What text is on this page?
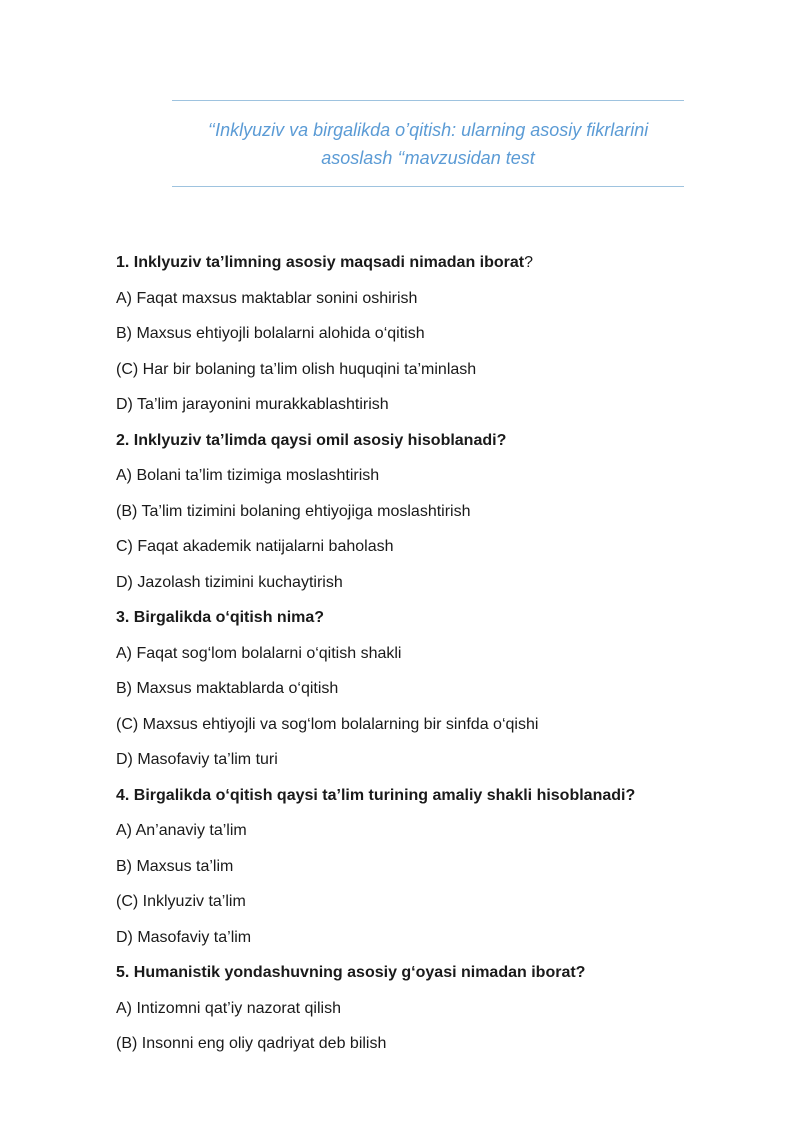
‘‘Inklyuziv va birgalikda o’qitish: ularning asosiy fikrlarini

asoslash ‘‘mavzusidan test

1. Inklyuziv ta’limning asosiy maqsadi nimadan iborat?
A) Faqat maxsus maktablar sonini oshirish
B) Maxsus ehtiyojli bolalarni alohida o‘qitish
(C) Har bir bolaning ta’lim olish huquqini ta’minlash
D) Ta’lim jarayonini murakkablashtirish
2. Inklyuziv ta’limda qaysi omil asosiy hisoblanadi?
A) Bolani ta’lim tizimiga moslashtirish
(B) Ta’lim tizimini bolaning ehtiyojiga moslashtirish
C) Faqat akademik natijalarni baholash
D) Jazolash tizimini kuchaytirish
3. Birgalikda o‘qitish nima?
A) Faqat sog‘lom bolalarni o‘qitish shakli
B) Maxsus maktablarda o‘qitish
(C) Maxsus ehtiyojli va sog‘lom bolalarning bir sinfda o‘qishi
D) Masofaviy ta’lim turi
4. Birgalikda o‘qitish qaysi ta’lim turining amaliy shakli hisoblanadi?
A) An’anaviy ta’lim
B) Maxsus ta’lim
(C) Inklyuziv ta’lim
D) Masofaviy ta’lim
5. Humanistik yondashuvning asosiy g‘oyasi nimadan iborat?
A) Intizomni qat’iy nazorat qilish
(B) Insonni eng oliy qadriyat deb bilish
